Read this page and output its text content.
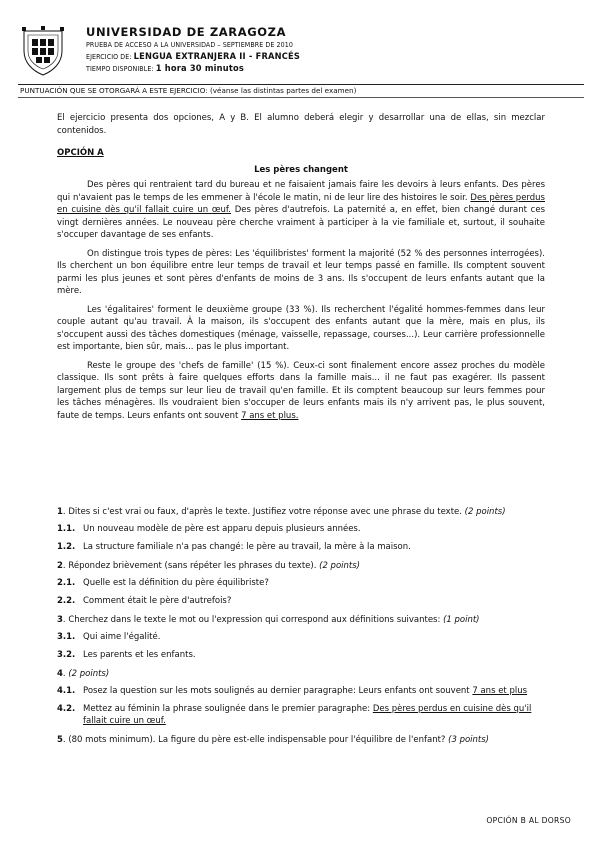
UNIVERSIDAD DE ZARAGOZA
PRUEBA DE ACCESO A LA UNIVERSIDAD – SEPTIEMBRE DE 2010
EJERCICIO DE: LENGUA EXTRANJERA II - FRANCÉS
TIEMPO DISPONIBLE: 1 hora 30 minutos
PUNTUACIÓN QUE SE OTORGARÁ A ESTE EJERCICIO: (véanse las distintas partes del examen)

El ejercicio presenta dos opciones, A y B. El alumno deberá elegir y desarrollar una de ellas, sin mezclar contenidos.

OPCIÓN A
Les pères changent

Des pères qui rentraient tard du bureau et ne faisaient jamais faire les devoirs à leurs enfants. Des pères qui n'avaient pas le temps de les emmener à l'école le matin, ni de leur lire des histoires le soir. Des pères perdus en cuisine dès qu'il fallait cuire un œuf. Des pères d'autrefois. La paternité a, en effet, bien changé durant ces vingt dernières années. Le nouveau père cherche vraiment à participer à la vie familiale et, surtout, il souhaite s'occuper davantage de ses enfants.

On distingue trois types de pères: Les 'équilibristes' forment la majorité (52 % des personnes interrogées). Ils cherchent un bon équilibre entre leur temps de travail et leur temps passé en famille. Ils comptent souvent parmi les plus jeunes et sont pères d'enfants de moins de 3 ans. Ils s'occupent de leurs enfants autant que la mère.

Les 'égalitaires' forment le deuxième groupe (33 %). Ils recherchent l'égalité hommes-femmes dans leur couple autant qu'au travail. À la maison, ils s'occupent des enfants autant que la mère, mais en plus, ils s'occupent aussi des tâches domestiques (ménage, vaisselle, repassage, courses...). Leur carrière professionnelle est importante, bien sûr, mais... pas le plus important.

Reste le groupe des 'chefs de famille' (15 %). Ceux-ci sont finalement encore assez proches du modèle classique. Ils sont prêts à faire quelques efforts dans la famille mais... il ne faut pas exagérer. Ils passent largement plus de temps sur leur lieu de travail qu'en famille. Et ils comptent beaucoup sur leurs femmes pour les tâches ménagères. Ils voudraient bien s'occuper de leurs enfants mais ils n'y arrivent pas, le plus souvent, faute de temps. Leurs enfants ont souvent 7 ans et plus.

1. Dites si c'est vrai ou faux, d'après le texte. Justifiez votre réponse avec une phrase du texte. (2 points)
1.1. Un nouveau modèle de père est apparu depuis plusieurs années.
1.2. La structure familiale n'a pas changé: le père au travail, la mère à la maison.
2. Répondez brièvement (sans répéter les phrases du texte). (2 points)
2.1. Quelle est la définition du père équilibriste?
2.2. Comment était le père d'autrefois?
3. Cherchez dans le texte le mot ou l'expression qui correspond aux définitions suivantes: (1 point)
3.1. Qui aime l'égalité.
3.2. Les parents et les enfants.
4. (2 points)
4.1. Posez la question sur les mots soulignés au dernier paragraphe: Leurs enfants ont souvent 7 ans et plus
4.2. Mettez au féminin la phrase soulignée dans le premier paragraphe: Des pères perdus en cuisine dès qu'il fallait cuire un œuf.
5. (80 mots minimum). La figure du père est-elle indispensable pour l'équilibre de l'enfant? (3 points)
OPCIÓN B AL DORSO
